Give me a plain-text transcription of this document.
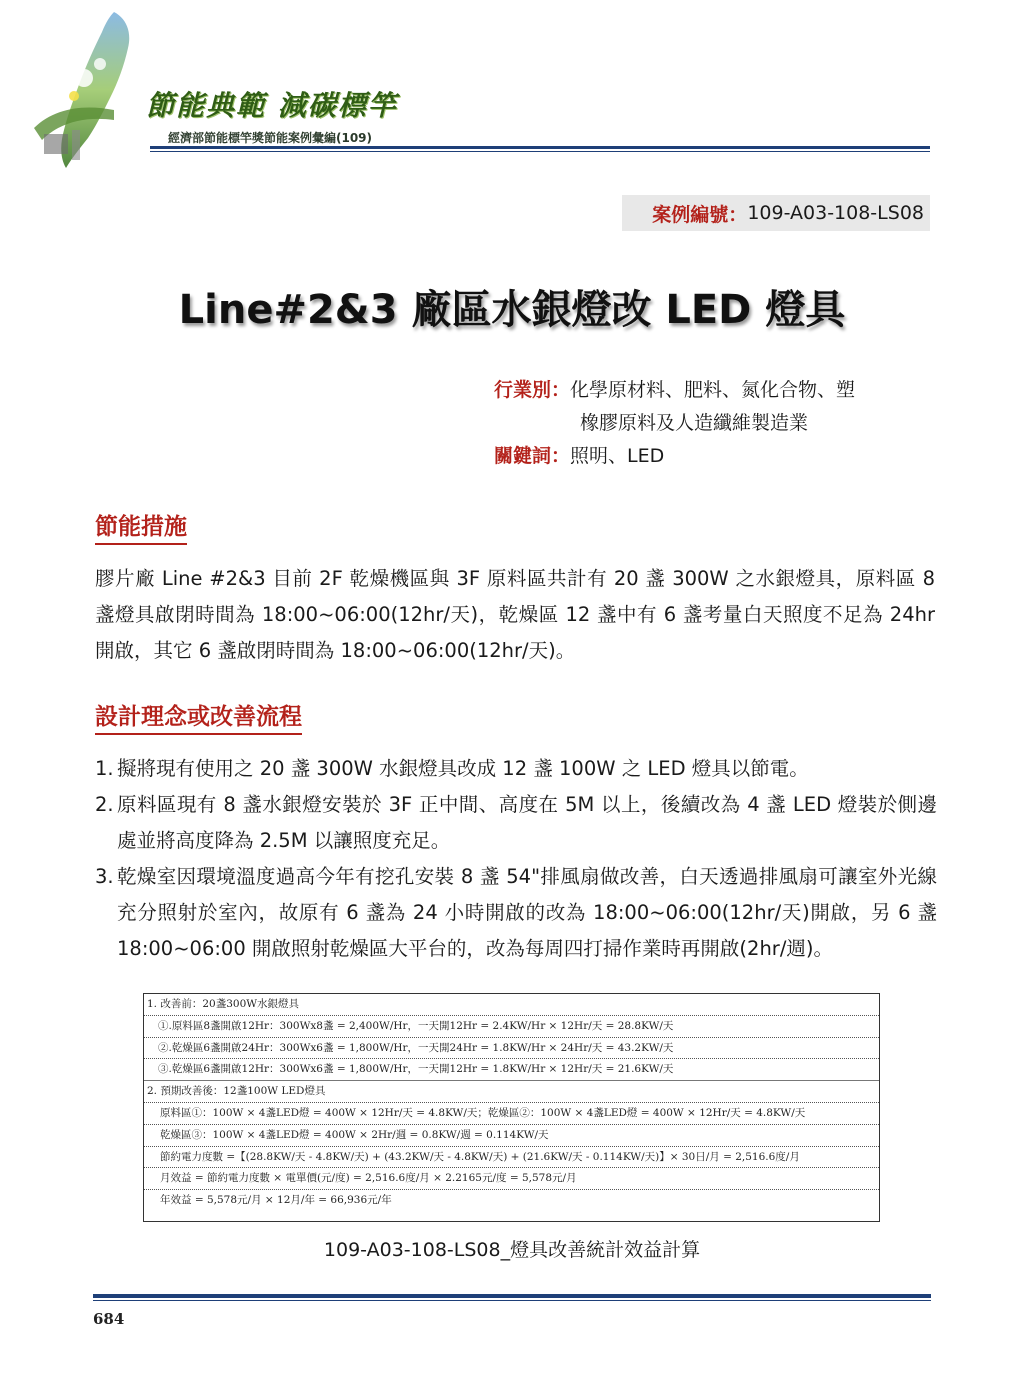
節能典範 減碳標竿
經濟部節能標竿獎節能案例彙編(109)
案例編號： 109-A03-108-LS08
Line#2&3 廠區水銀燈改 LED 燈具
行業別：化學原材料、肥料、氮化合物、塑
橡膠原料及人造纖維製造業
關鍵詞：照明、LED
節能措施
膠片廠 Line #2&3 目前 2F 乾燥機區與 3F 原料區共計有 20 盞 300W 之水銀燈具，原料區 8 盞燈具啟閉時間為 18:00~06:00(12hr/天)，乾燥區 12 盞中有 6 盞考量白天照度不足為 24hr 開啟，其它 6 盞啟閉時間為 18:00~06:00(12hr/天)。
設計理念或改善流程
1. 擬將現有使用之 20 盞 300W 水銀燈具改成 12 盞 100W 之 LED 燈具以節電。
2. 原料區現有 8 盞水銀燈安裝於 3F 正中間、高度在 5M 以上，後續改為 4 盞 LED 燈裝於側邊處並將高度降為 2.5M 以讓照度充足。
3. 乾燥室因環境溫度過高今年有挖孔安裝 8 盞 54"排風扇做改善，白天透過排風扇可讓室外光線充分照射於室內，故原有 6 盞為 24 小時開啟的改為 18:00~06:00(12hr/天)開啟，另 6 盞 18:00~06:00 開啟照射乾燥區大平台的，改為每周四打掃作業時再開啟(2hr/週)。
1. 改善前：20盞300W水銀燈具
①.原料區8盞開啟12Hr：300Wx8盞 = 2,400W/Hr，一天開12Hr = 2.4KW/Hr × 12Hr/天 = 28.8KW/天
②.乾燥區6盞開啟24Hr：300Wx6盞 = 1,800W/Hr，一天開24Hr = 1.8KW/Hr × 24Hr/天 = 43.2KW/天
③.乾燥區6盞開啟12Hr：300Wx6盞 = 1,800W/Hr，一天開12Hr = 1.8KW/Hr × 12Hr/天 = 21.6KW/天
2. 預期改善後：12盞100W LED燈具
原料區①：100W × 4盞LED燈 = 400W × 12Hr/天 = 4.8KW/天；乾燥區②：100W × 4盞LED燈 = 400W × 12Hr/天 = 4.8KW/天
乾燥區③：100W × 4盞LED燈 = 400W × 2Hr/週 = 0.8KW/週 = 0.114KW/天
節約電力度數 =【(28.8KW/天 - 4.8KW/天) + (43.2KW/天 - 4.8KW/天) + (21.6KW/天 - 0.114KW/天)】× 30日/月 = 2,516.6度/月
月效益 = 節約電力度數 × 電單價(元/度) = 2,516.6度/月 × 2.2165元/度 = 5,578元/月
年效益 = 5,578元/月 × 12月/年 = 66,936元/年
109-A03-108-LS08_燈具改善統計效益計算
684
